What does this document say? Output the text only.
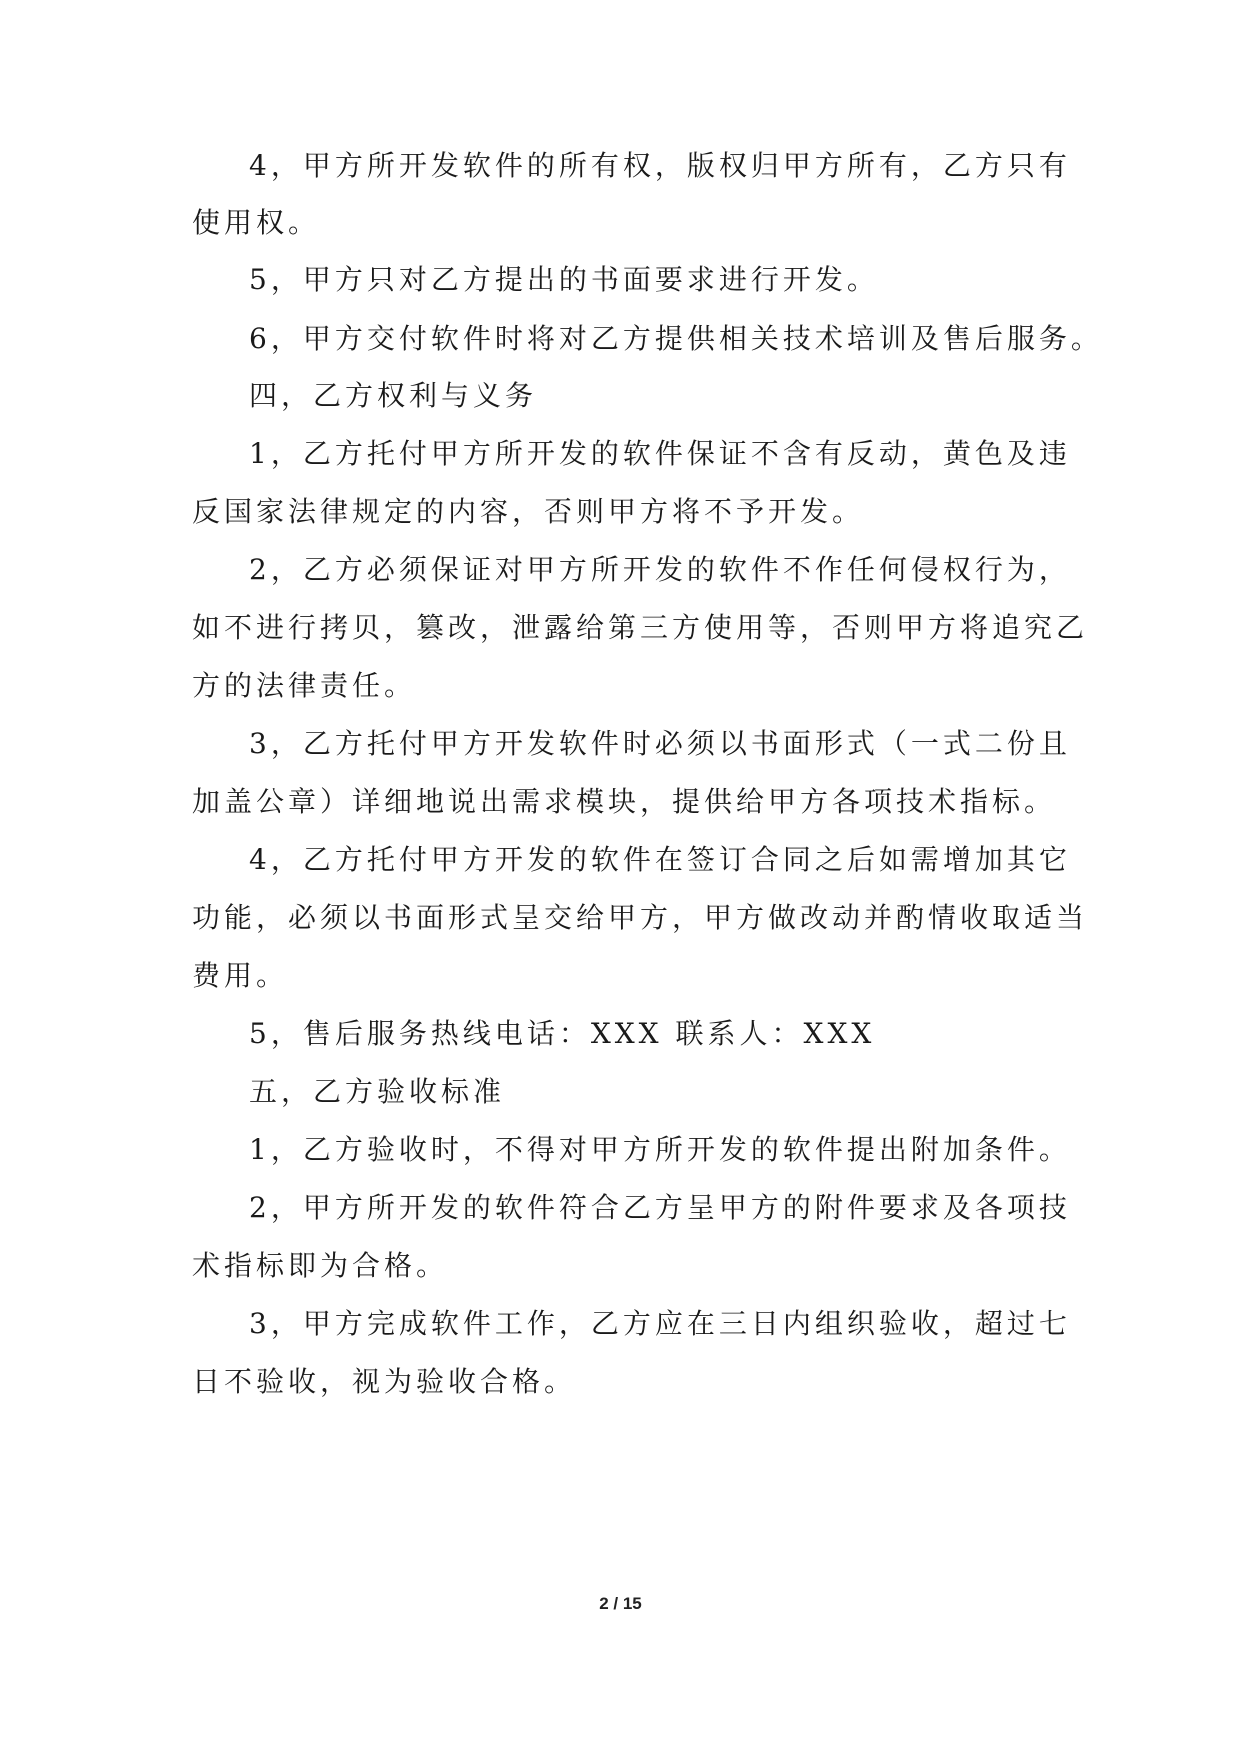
4，甲方所开发软件的所有权，版权归甲方所有，乙方只有
使用权。
5，甲方只对乙方提出的书面要求进行开发。
6，甲方交付软件时将对乙方提供相关技术培训及售后服务。
四，乙方权利与义务
1，乙方托付甲方所开发的软件保证不含有反动，黄色及违
反国家法律规定的内容，否则甲方将不予开发。
2，乙方必须保证对甲方所开发的软件不作任何侵权行为，
如不进行拷贝，篡改，泄露给第三方使用等，否则甲方将追究乙
方的法律责任。
3，乙方托付甲方开发软件时必须以书面形式（一式二份且
加盖公章）详细地说出需求模块，提供给甲方各项技术指标。
4，乙方托付甲方开发的软件在签订合同之后如需增加其它
功能，必须以书面形式呈交给甲方，甲方做改动并酌情收取适当
费用。
5，售后服务热线电话：XXX 联系人：XXX
五，乙方验收标准
1，乙方验收时，不得对甲方所开发的软件提出附加条件。
2，甲方所开发的软件符合乙方呈甲方的附件要求及各项技
术指标即为合格。
3，甲方完成软件工作，乙方应在三日内组织验收，超过七
日不验收，视为验收合格。
2 / 15
